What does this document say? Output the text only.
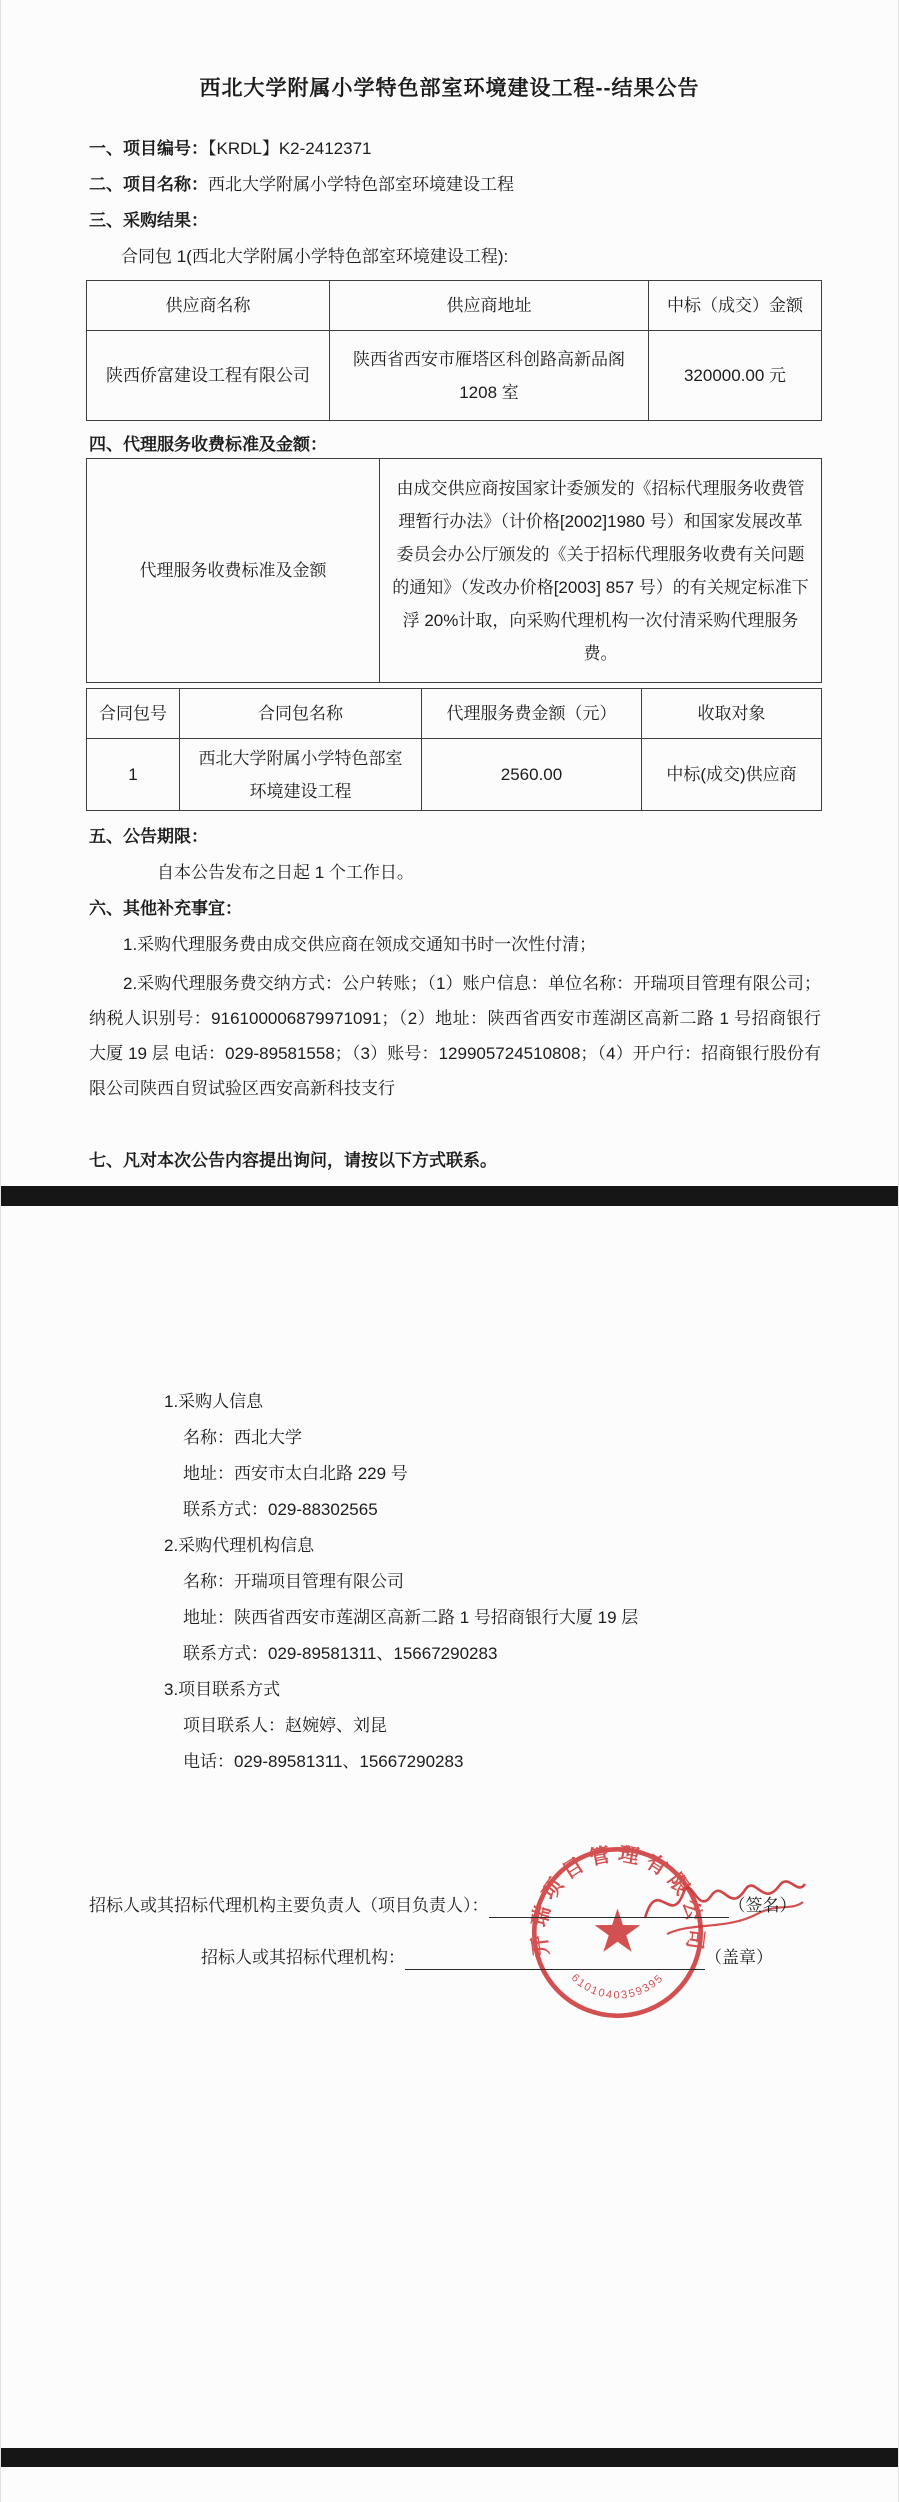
西北大学附属小学特色部室环境建设工程--结果公告
一、项目编号：【KRDL】K2-2412371
二、项目名称：西北大学附属小学特色部室环境建设工程
三、采购结果：
合同包 1(西北大学附属小学特色部室环境建设工程):
供应商名称	供应商地址	中标（成交）金额
陕西侨富建设工程有限公司	陕西省西安市雁塔区科创路高新品阁 1208 室	320000.00 元
四、代理服务收费标准及金额：
代理服务收费标准及金额	由成交供应商按国家计委颁发的《招标代理服务收费管理暂行办法》（计价格[2002]1980 号）和国家发展改革委员会办公厅颁发的《关于招标代理服务收费有关问题的通知》（发改办价格[2003] 857 号）的有关规定标准下浮 20%计取，向采购代理机构一次付清采购代理服务费。
合同包号	合同包名称	代理服务费金额（元）	收取对象
1	西北大学附属小学特色部室环境建设工程	2560.00	中标(成交)供应商
五、公告期限：
自本公告发布之日起 1 个工作日。
六、其他补充事宜：
1.采购代理服务费由成交供应商在领成交通知书时一次性付清；
2.采购代理服务费交纳方式：公户转账；（1）账户信息：单位名称：开瑞项目管理有限公司；纳税人识别号：916100006879971091；（2）地址：陕西省西安市莲湖区高新二路 1 号招商银行大厦 19 层 电话：029-89581558；（3）账号：129905724510808；（4）开户行：招商银行股份有限公司陕西自贸试验区西安高新科技支行
七、凡对本次公告内容提出询问，请按以下方式联系。
1.采购人信息
名称：西北大学
地址：西安市太白北路 229 号
联系方式：029-88302565
2.采购代理机构信息
名称：开瑞项目管理有限公司
地址：陕西省西安市莲湖区高新二路 1 号招商银行大厦 19 层
联系方式：029-89581311、15667290283
3.项目联系方式
项目联系人：赵婉婷、刘昆
电话：029-89581311、15667290283
开瑞项目管理有限公司
6101040359395
招标人或其招标代理机构主要负责人（项目负责人）：	（签名）
招标人或其招标代理机构：	（盖章）
